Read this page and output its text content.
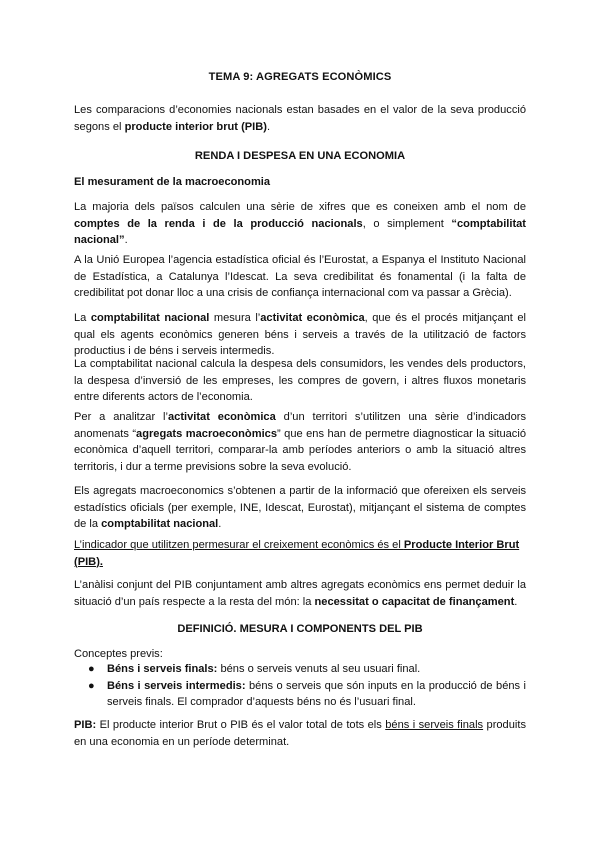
TEMA 9: AGREGATS ECONÒMICS

Les comparacions d’economies nacionals estan basades en el valor de la seva producció segons el producte interior brut (PIB).

RENDA I DESPESA EN UNA ECONOMIA
El mesurament de la macroeconomia

La majoria dels països calculen una sèrie de xifres que es coneixen amb el nom de comptes de la renda i de la producció nacionals, o simplement “comptabilitat nacional”.

A la Unió Europea l’agencia estadística oficial és l’Eurostat, a Espanya el Instituto Nacional de Estadística, a Catalunya l’Idescat. La seva credibilitat és fonamental (i la falta de credibilitat pot donar lloc a una crisis de confiança internacional com va passar a Grècia).

La comptabilitat nacional mesura l’activitat econòmica, que és el procés mitjançant el qual els agents econòmics generen béns i serveis a través de la utilització de factors productius i de béns i serveis intermedis.

La comptabilitat nacional calcula la despesa dels consumidors, les vendes dels productors, la despesa d’inversió de les empreses, les compres de govern, i altres fluxos monetaris entre diferents actors de l’economia.

Per a analitzar l’activitat econòmica d’un territori s’utilitzen una sèrie d’indicadors anomenats “agregats macroeconòmics” que ens han de permetre diagnosticar la situació econòmica d’aquell territori, comparar-la amb períodes anteriors o amb la situació altres territoris, i dur a terme previsions sobre la seva evolució.

Els agregats macroeconomics s’obtenen a partir de la informació que ofereixen els serveis estadístics oficials (per exemple, INE, Idescat, Eurostat), mitjançant el sistema de comptes de la comptabilitat nacional.

L’indicador que utilitzen permesurar el creixement econòmics és el Producte Interior Brut (PIB).

L’anàlisi conjunt del PIB conjuntament amb altres agregats econòmics ens permet deduir la situació d’un país respecte a la resta del món: la necessitat o capacitat de finançament.

DEFINICIÓ. MESURA I COMPONENTS DEL PIB
Conceptes previs:
● Béns i serveis finals: béns o serveis venuts al seu usuari final.
● Béns i serveis intermedis: béns o serveis que són inputs en la producció de béns i serveis finals. El comprador d’aquests béns no és l’usuari final.

PIB: El producte interior Brut o PIB és el valor total de tots els béns i serveis finals produits en una economia en un període determinat.
